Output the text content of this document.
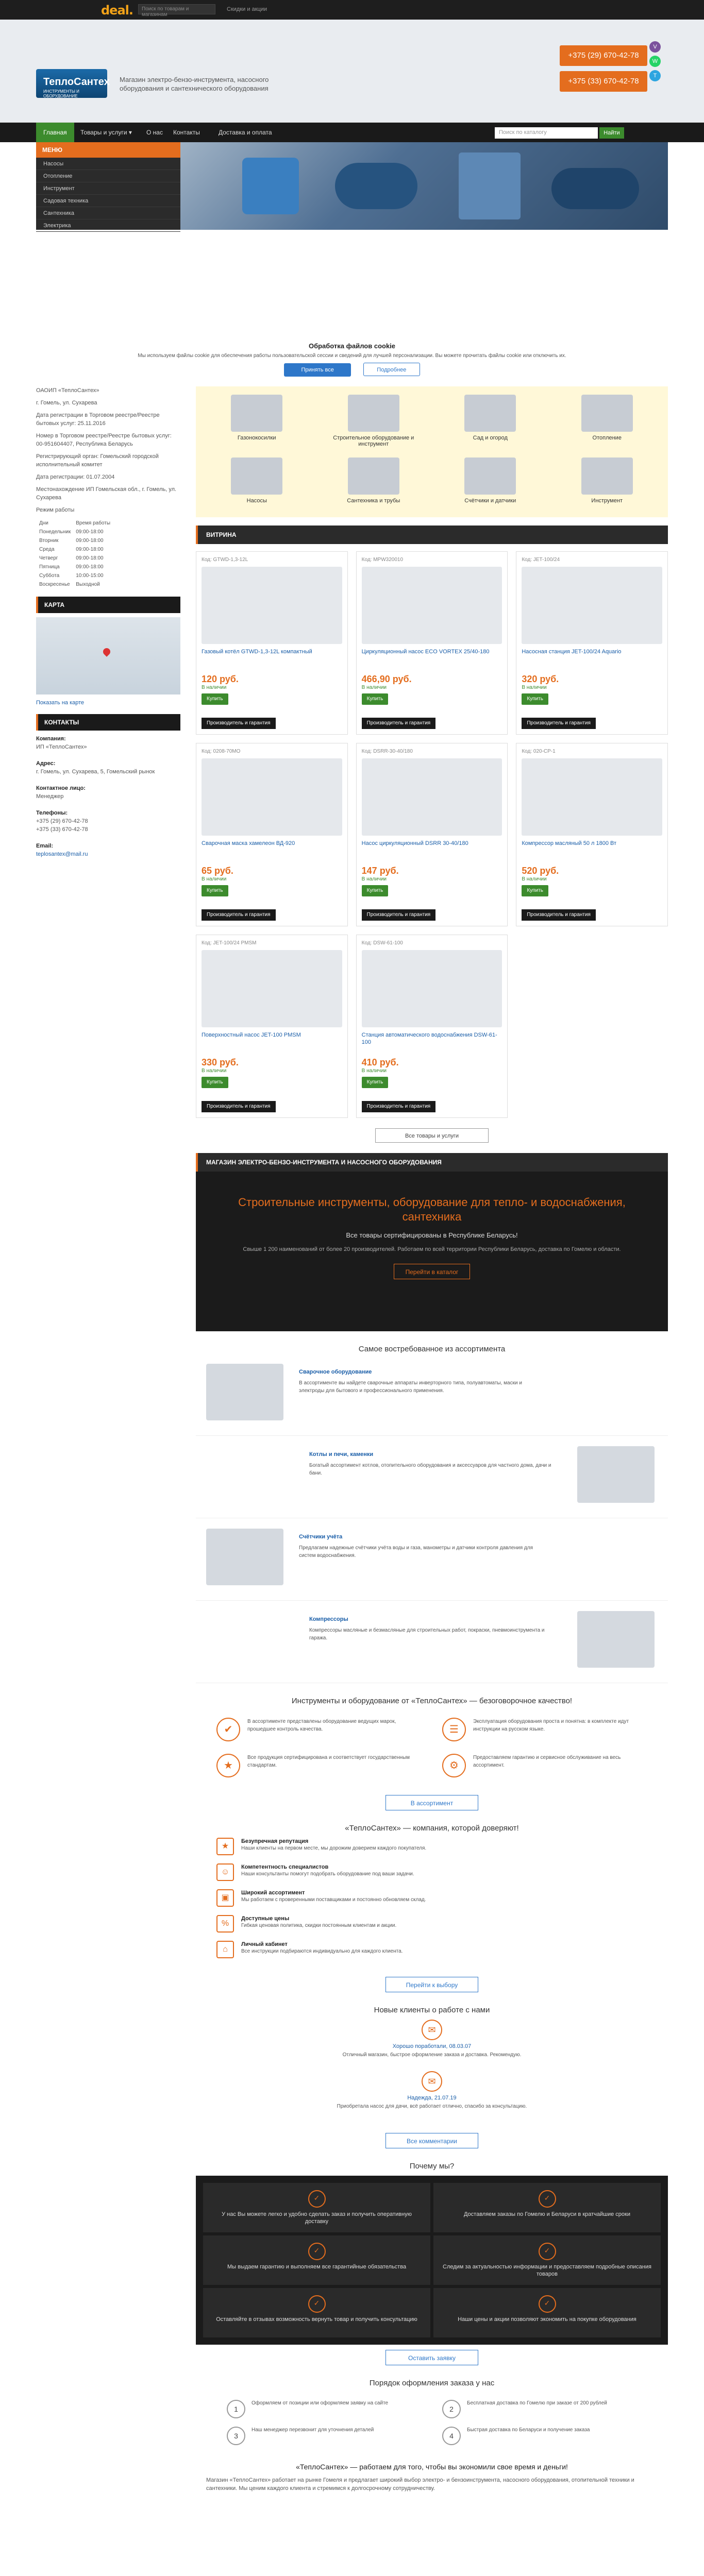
deal.	Поиск по товарам и магазинам
Скидки и акции
ТеплоСантех
ИНСТРУМЕНТЫ И ОБОРУДОВАНИЕ
Магазин электро-бензо-инструмента, насосного оборудования и сантехнического оборудования
+375 (29) 670-42-78
+375 (33) 670-42-78
V
W
T
Главная	Товары и услуги ▾	О нас	Контакты	Доставка и оплата	Поиск по каталогу	Найти
МЕНЮ
Насосы
Отопление
Инструмент
Садовая техника
Сантехника
Электрика
Обработка файлов cookie

Мы используем файлы cookie для обеспечения работы пользовательской сессии и сведений для лучшей персонализации. Вы можете прочитать файлы cookie или отключить их.

Принять все	Подробнее

ОАОИП «ТеплоСантех»

г. Гомель, ул. Сухарева

Дата регистрации в Торговом реестре/Реестре бытовых услуг: 25.11.2016

Номер в Торговом реестре/Реестре бытовых услуг: 00-951604407, Республика Беларусь

Регистрирующий орган: Гомельский городской исполнительный комитет

Дата регистрации: 01.07.2004

Местонахождение ИП Гомельская обл., г. Гомель, ул. Сухарева

Режим работы

Дни	Время работы
Понедельник	09:00-18:00
Вторник	09:00-18:00
Среда	09:00-18:00
Четверг	09:00-18:00
Пятница	09:00-18:00
Суббота	10:00-15:00
Воскресенье	Выходной
КАРТА

Показать на карте

КОНТАКТЫ
Компания:
ИП «ТеплоСантех»

Адрес:
г. Гомель, ул. Сухарева, 5, Гомельский рынок

Контактное лицо:
Менеджер

Телефоны:
+375 (29) 670-42-78
+375 (33) 670-42-78

Email:
teplosantex@mail.ru
Газонокосилки	Строительное оборудование и инструмент
Сад и огород	Отопление
Насосы	Сантехника и трубы	Счётчики и датчики	Инструмент
ВИТРИНА
Код: GTWD-1,3-12L
Газовый котёл GTWD-1,3-12L компактный
120 руб.
В наличии
Купить
Производитель и гарантия
Код: MPW320010
Циркуляционный насос ECO VORTEX 25/40-180
466,90 руб.
В наличии
Купить
Производитель и гарантия
Код: JET-100/24
Насосная станция JET-100/24 Aquario
320 руб.
В наличии
Купить
Производитель и гарантия
Код: 0208-70MO
Сварочная маска хамелеон ВД-920
65 руб.
В наличии
Купить
Производитель и гарантия
Код: DSRR-30-40/180
Насос циркуляционный DSRR 30-40/180
147 руб.
В наличии
Купить
Производитель и гарантия
Код: 020-CP-1
Компрессор масляный 50 л 1800 Вт
520 руб.
В наличии
Купить
Производитель и гарантия
Код: JET-100/24 PMSM
Поверхностный насос JET-100 PMSM
330 руб.
В наличии
Купить
Производитель и гарантия
Код: DSW-61-100
Станция автоматического водоснабжения DSW-61-100
410 руб.
В наличии
Купить
Производитель и гарантия
Все товары и услуги
МАГАЗИН ЭЛЕКТРО-БЕНЗО-ИНСТРУМЕНТА И НАСОСНОГО ОБОРУДОВАНИЯ
Строительные инструменты, оборудование для тепло- и водоснабжения, сантехника
Все товары сертифицированы в Республике Беларусь!

Свыше 1 200 наименований от более 20 производителей. Работаем по всей территории Республики Беларусь, доставка по Гомелю и области.

Перейти в каталог
Самое востребованное из ассортимента
Сварочное оборудование
В ассортименте вы найдете сварочные аппараты инверторного типа, полуавтоматы, маски и электроды для бытового и профессионального применения.
Котлы и печи, каменки
Богатый ассортимент котлов, отопительного оборудования и аксессуаров для частного дома, дачи и бани.
Счётчики учёта
Предлагаем надежные счётчики учёта воды и газа, манометры и датчики контроля давления для систем водоснабжения.
Компрессоры
Компрессоры масляные и безмасляные для строительных работ, покраски, пневмоинструмента и гаража.
Инструменты и оборудование от «ТеплоСантех» — безоговорочное качество!
✔
В ассортименте представлены оборудование ведущих марок, прошедшее контроль качества.	☰
Эксплуатация оборудования проста и понятна: в комплекте идут инструкции на русском языке.
★
Все продукция сертифицирована и соответствует государственным стандартам.	⚙
Предоставляем гарантию и сервисное обслуживание на весь ассортимент.
В ассортимент
«ТеплоСантех» — компания, которой доверяют!
★
Безупречная репутация
Наши клиенты на первом месте, мы дорожим доверием каждого покупателя.
☺
Компетентность специалистов
Наши консультанты помогут подобрать оборудование под ваши задачи.
▣
Широкий ассортимент
Мы работаем с проверенными поставщиками и постоянно обновляем склад.
%
Доступные цены
Гибкая ценовая политика, скидки постоянным клиентам и акции.
⌂
Личный кабинет
Все инструкции подбираются индивидуально для каждого клиента.
Перейти к выбору
Новые клиенты о работе с нами
✉
Хорошо поработали, 08.03.07
Отличный магазин, быстрое оформление заказа и доставка. Рекомендую.
✉
Надежда, 21.07.19
Приобретала насос для дачи, всё работает отлично, спасибо за консультацию.
Все комментарии
Почему мы?
✓ У нас Вы можете легко и удобно сделать заказ и получить оперативную доставку
✓ Доставляем заказы по Гомелю и Беларуси в кратчайшие сроки
✓ Мы выдаем гарантию и выполняем все гарантийные обязательства	✓ Следим за актуальностью информации и предоставляем подробные описания товаров
✓ Оставляйте в отзывах возможность вернуть товар и получить консультацию	✓ Наши цены и акции позволяют экономить на покупке оборудования
Оставить заявку
Порядок оформления заказа у нас
1
Оформляем от позиции или оформляем заявку на сайте
2
Бесплатная доставка по Гомелю при заказе от 200 рублей
3
Наш менеджер перезвонит для уточнения деталей
4
Быстрая доставка по Беларуси и получение заказа
«ТеплоСантех» — работаем для того, чтобы вы экономили свое время и деньги!

Магазин «ТеплоСантех» работает на рынке Гомеля и предлагает широкий выбор электро- и бензоинструмента, насосного оборудования, отопительной техники и сантехники. Мы ценим каждого клиента и стремимся к долгосрочному сотрудничеству.
